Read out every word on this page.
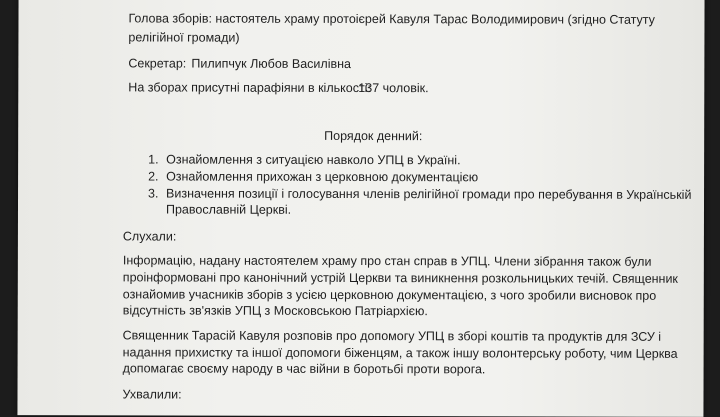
Голова зборів: настоятель храму протоієрей Кавуля Тарас Володимирович (згідно Статуту
релігійної громади)
Секретар: Пилипчук Любов Василівна
На зборах присутні парафіяни в кількості:
137 чоловік.
Порядок денний:
1. Ознайомлення з ситуацією навколо УПЦ в Україні.
2. Ознайомлення прихожан з церковною документацією
3. Визначення позиції і голосування членів релігійної громади про перебування в Українській
Православній Церкві.
Слухали:
Інформацію, надану настоятелем храму про стан справ в УПЦ. Члени зібрання також були
проінформовані про канонічний устрій Церкви та виникнення розкольницьких течій. Священник
ознайомив учасників зборів з усією церковною документацією, з чого зробили висновок про
відсутність зв'язків УПЦ з Московською Патріархією.
Священник Тарасій Кавуля розповів про допомогу УПЦ в зборі коштів та продуктів для ЗСУ і
надання прихистку та іншої допомоги біженцям, а також іншу волонтерську роботу, чим Церква
допомагає своєму народу в час війни в боротьбі проти ворога.
Ухвалили:
